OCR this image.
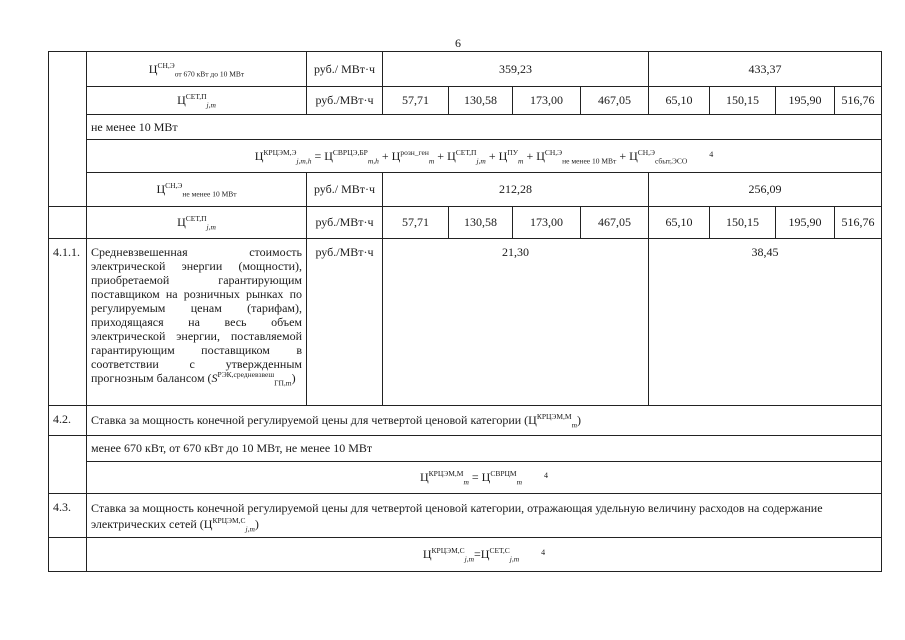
6
	$Ц^{СН,Э}_{от 670 кВт до 10 МВт}$	руб./ МВт·ч	359,23				433,37			
	$Ц^{СЕТ,П}_{j,m}$	руб./МВт·ч	57,71	130,58	173,00	467,05	65,10	150,15	195,90	516,76
	не менее 10 МВт									
	$Ц^{КРЦЭМ,Э}_{j,m,h} = Ц^{СВРЦЭ,БР}_{m,h} + Ц^{розн\_ген}_m + Ц^{СЕТ,П}_{j,m} + Ц^{ПУ}_m + Ц^{СН,Э}_{не менее 10 МВт} + Ц^{СН,Э}_{сбыт,ЭСО}^4$
	$Ц^{СН,Э}_{не менее 10 МВт}$	руб./ МВт·ч	212,28				256,09			
	$Ц^{СЕТ,П}_{j,m}$	руб./МВт·ч	57,71	130,58	173,00	467,05	65,10	150,15	195,90	516,76
4.1.1.	Средневзвешенная стоимость электрической энергии (мощности), приобретаемой гарантирующим поставщиком на розничных рынках по регулируемым ценам (тарифам), приходящаяся на весь объем электрической энергии, поставляемой гарантирующим поставщиком в соответствии с утвержденным прогнозным балансом $(S^{РЭК,средневзвеш}_{ГП,m})$	руб./МВт·ч	21,30				38,45			
4.2.	Ставка за мощность конечной регулируемой цены для четвертой ценовой категории $(Ц^{КРЦЭМ,М}_m)$									
	менее 670 кВт, от 670 кВт до 10 МВт, не менее 10 МВт									
	$Ц^{КРЦЭМ,М}_m = Ц^{СВРЦМ}_m^4$
4.3.	Ставка за мощность конечной регулируемой цены для четвертой ценовой категории, отражающая удельную величину расходов на содержание электрических сетей $(Ц^{КРЦЭМ,С}_{j,m})$									
	$Ц^{КРЦЭМ,С}_{j,m}=Ц^{СЕТ,С}_{j,m}^4$
